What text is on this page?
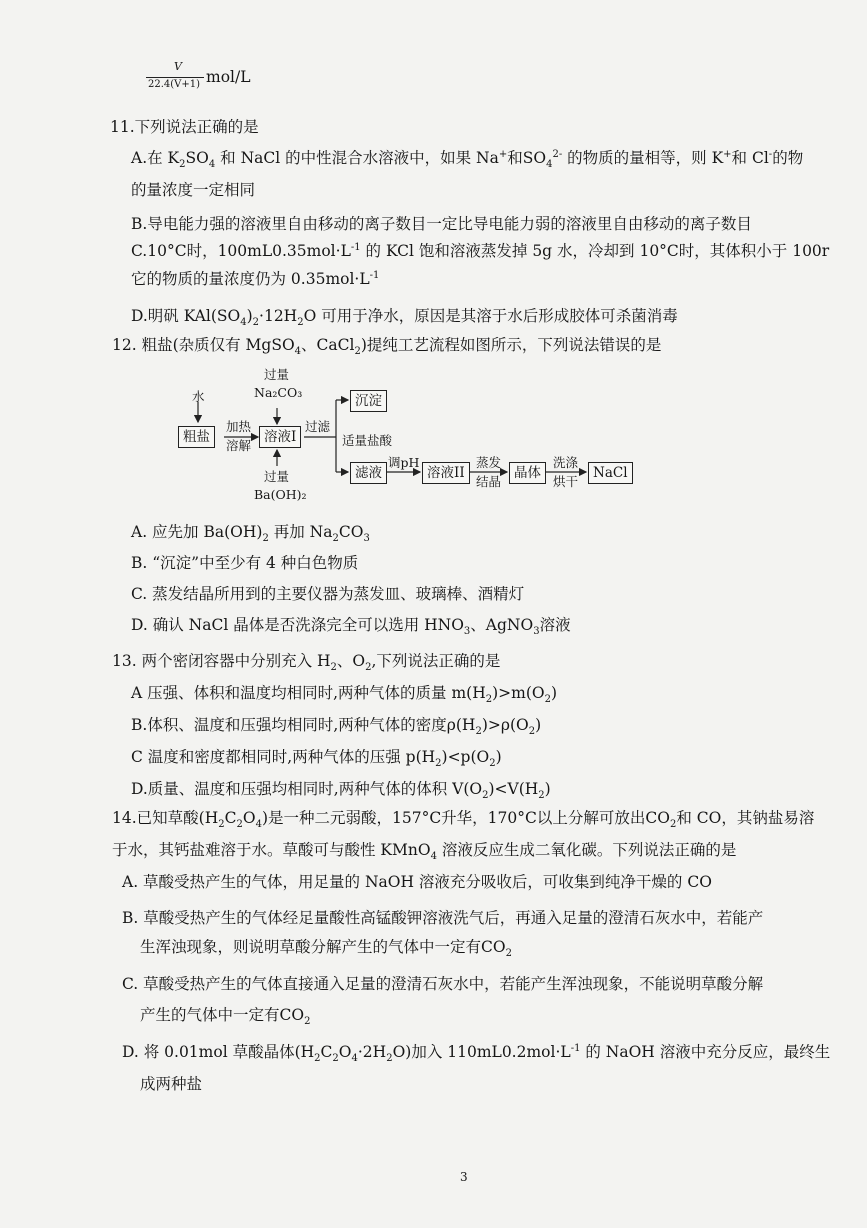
V
22.4(V+1) mol/L
11.下列说法正确的是
A.在 $K_2SO_4$ 和 NaCl 的中性混合水溶液中，如果 Na+和$SO_4^{2-}$ 的物质的量相等，则 K+和 Cl-的物
的量浓度一定相同
B.导电能力强的溶液里自由移动的离子数目一定比导电能力弱的溶液里自由移动的离子数目
C.10°C时，$100mL0.35mol\cdot L^{-1}$ 的 KCl 饱和溶液蒸发掉 5g 水，冷却到 10°C时，其体积小于 100r
它的物质的量浓度仍为 $0.35mol\cdot L^{-1}$
D.明矾 $KAl(SO_4)_2\cdot 12H_2O$ 可用于净水，原因是其溶于水后形成胶体可杀菌消毒
12. 粗盐(杂质仅有 MgSO$_4$、CaCl$_2$)提纯工艺流程如图所示，下列说法错误的是
水
粗盐
加热
溶解
溶液I
过量
Na₂CO₃
过量
Ba(OH)₂
过滤
沉淀
适量盐酸
滤液
调pH
溶液II
蒸发
结晶
晶体
洗涤
烘干
NaCl
A. 应先加 $Ba(OH)_2$ 再加 $Na_2CO_3$
B. “沉淀”中至少有 4 种白色物质
C. 蒸发结晶所用到的主要仪器为蒸发皿、玻璃棒、酒精灯
D. 确认 NaCl 晶体是否洗涤完全可以选用 $HNO_3$、AgNO$_3$溶液
13. 两个密闭容器中分别充入 $H_2$、$O_2$,下列说法正确的是
A 压强、体积和温度均相同时,两种气体的质量 $m(H_2)>m(O_2)$
B.体积、温度和压强均相同时,两种气体的密度$\rho(H_2)>\rho(O_2)$
C 温度和密度都相同时,两种气体的压强 $p(H_2)<p(O_2)$
D.质量、温度和压强均相同时,两种气体的体积 $V(O_2)<V(H_2)$
14.已知草酸$(H_2C_2O_4)$是一种二元弱酸，157°C升华，170°C以上分解可放出$CO_2$和 CO，其钠盐易溶
于水，其钙盐难溶于水。草酸可与酸性 KMnO$_4$ 溶液反应生成二氧化碳。下列说法正确的是
A. 草酸受热产生的气体，用足量的 NaOH 溶液充分吸收后，可收集到纯净干燥的 CO
B. 草酸受热产生的气体经足量酸性高锰酸钾溶液洗气后，再通入足量的澄清石灰水中，若能产
生浑浊现象，则说明草酸分解产生的气体中一定有$CO_2$
C. 草酸受热产生的气体直接通入足量的澄清石灰水中，若能产生浑浊现象，不能说明草酸分解
产生的气体中一定有$CO_2$
D. 将 0.01mol 草酸晶体$(H_2C_2O_4\cdot 2H_2O)$加入 $110mL0.2mol\cdot L^{-1}$ 的 NaOH 溶液中充分反应，最终生
成两种盐
3
